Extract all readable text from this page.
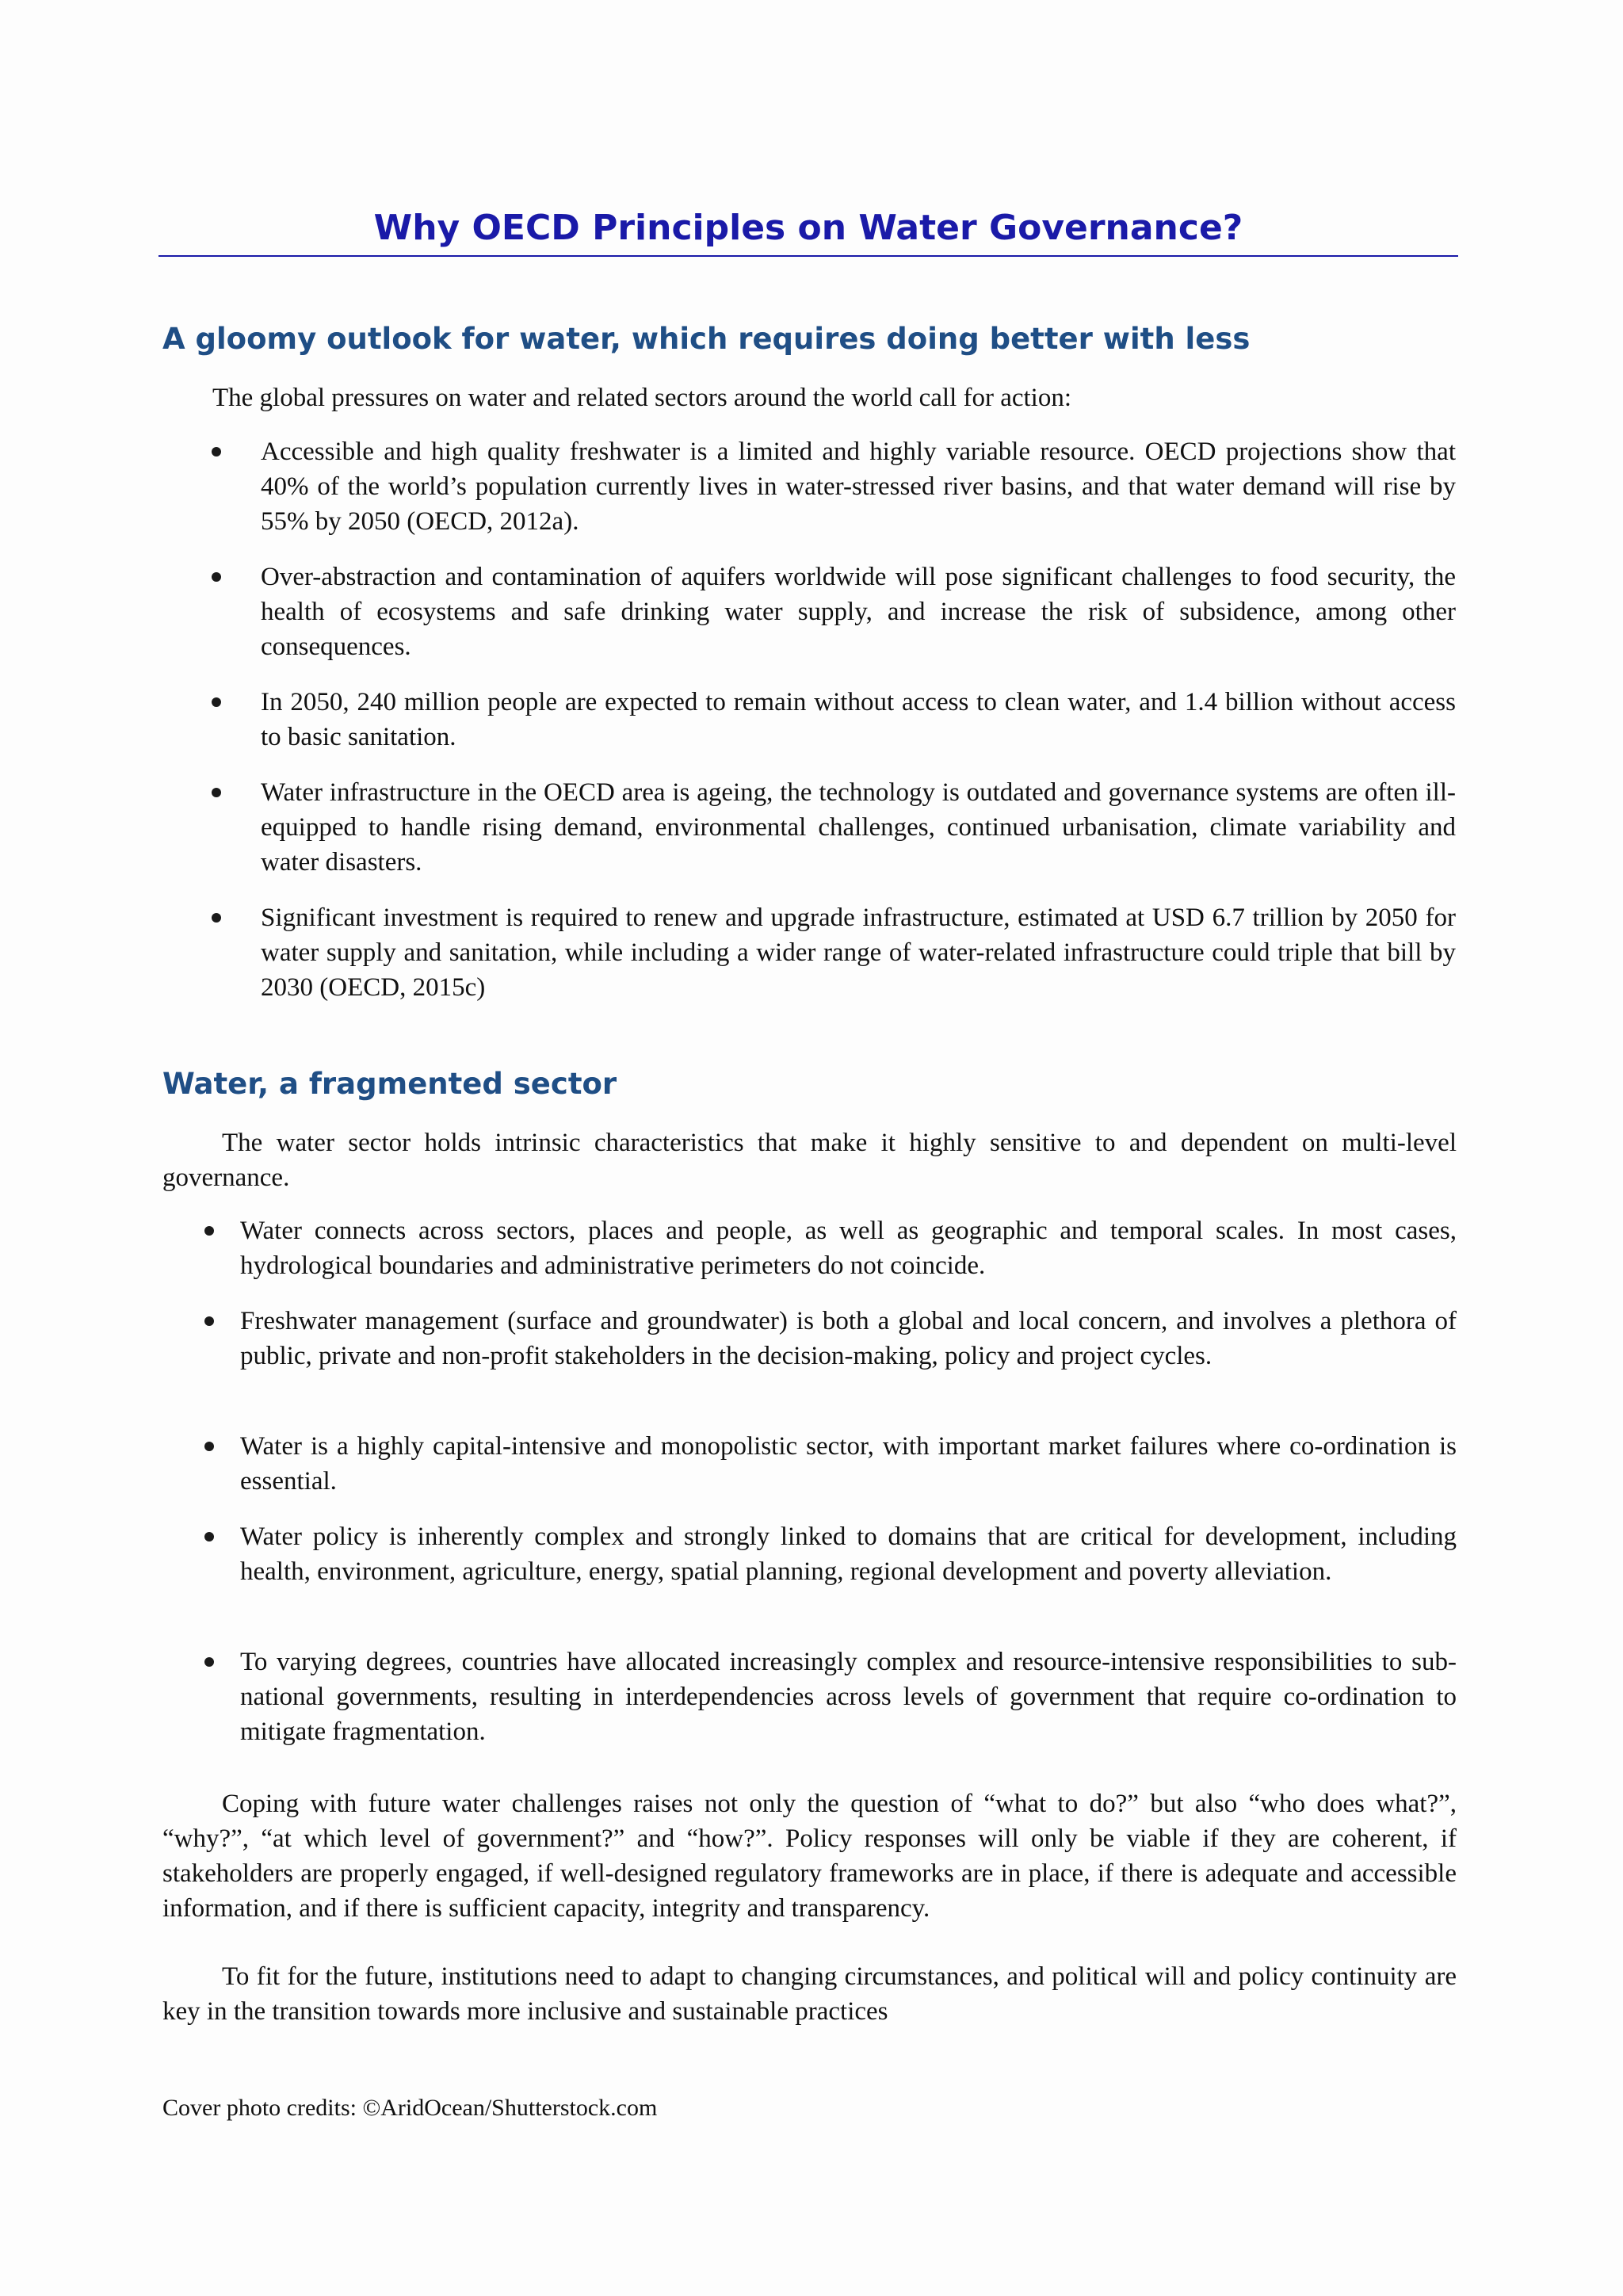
Why OECD Principles on Water Governance?
A gloomy outlook for water, which requires doing better with less

The global pressures on water and related sectors around the world call for action:

Accessible and high quality freshwater is a limited and highly variable resource. OECD projections show that 40% of the world’s population currently lives in water-stressed river basins, and that water demand will rise by 55% by 2050 (OECD, 2012a).

Over-abstraction and contamination of aquifers worldwide will pose significant challenges to food security, the health of ecosystems and safe drinking water supply, and increase the risk of subsidence, among other consequences.

In 2050, 240 million people are expected to remain without access to clean water, and 1.4 billion without access to basic sanitation.

Water infrastructure in the OECD area is ageing, the technology is outdated and governance systems are often ill-equipped to handle rising demand, environmental challenges, continued urbanisation, climate variability and water disasters.

Significant investment is required to renew and upgrade infrastructure, estimated at USD 6.7 trillion by 2050 for water supply and sanitation, while including a wider range of water-related infrastructure could triple that bill by 2030 (OECD, 2015c)

Water, a fragmented sector

The water sector holds intrinsic characteristics that make it highly sensitive to and dependent on multi-level governance.

Water connects across sectors, places and people, as well as geographic and temporal scales. In most cases, hydrological boundaries and administrative perimeters do not coincide.

Freshwater management (surface and groundwater) is both a global and local concern, and involves a plethora of public, private and non-profit stakeholders in the decision-making, policy and project cycles.

Water is a highly capital-intensive and monopolistic sector, with important market failures where co-ordination is essential.

Water policy is inherently complex and strongly linked to domains that are critical for development, including health, environment, agriculture, energy, spatial planning, regional development and poverty alleviation.

To varying degrees, countries have allocated increasingly complex and resource-intensive responsibilities to sub-national governments, resulting in interdependencies across levels of government that require co-ordination to mitigate fragmentation.

Coping with future water challenges raises not only the question of “what to do?” but also “who does what?”, “why?”, “at which level of government?” and “how?”. Policy responses will only be viable if they are coherent, if stakeholders are properly engaged, if well-designed regulatory frameworks are in place, if there is adequate and accessible information, and if there is sufficient capacity, integrity and transparency.

To fit for the future, institutions need to adapt to changing circumstances, and political will and policy continuity are key in the transition towards more inclusive and sustainable practices

Cover photo credits: ©AridOcean/Shutterstock.com
